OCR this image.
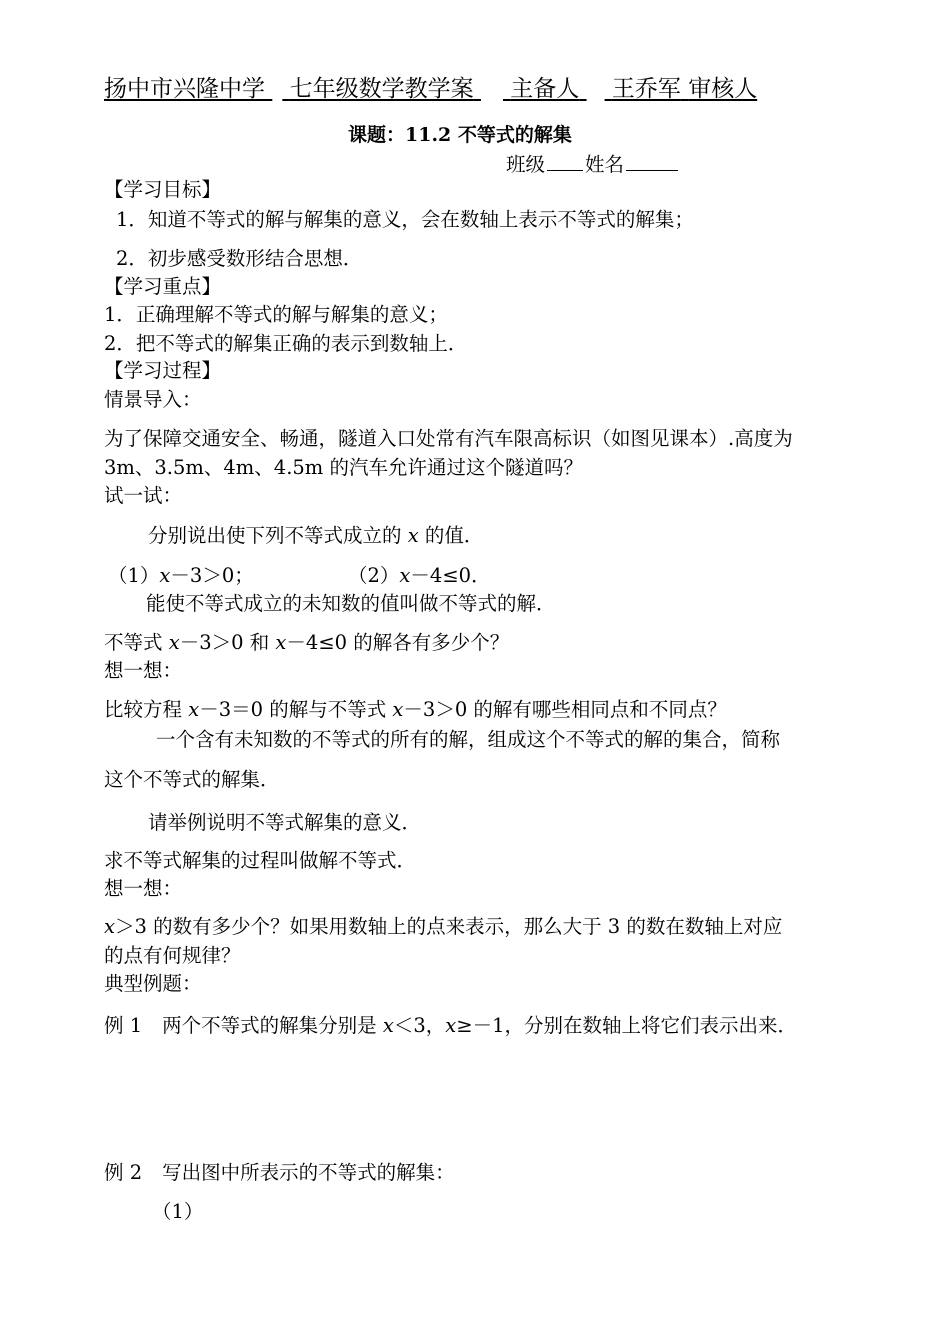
扬中市兴隆中学 七年级数学教学案 主备人 王乔军 审核人
课题：11.2 不等式的解集
班级 姓名
【学习目标】
1．知道不等式的解与解集的意义，会在数轴上表示不等式的解集；
2．初步感受数形结合思想．
【学习重点】
1．正确理解不等式的解与解集的意义；
2．把不等式的解集正确的表示到数轴上．
【学习过程】
情景导入：
为了保障交通安全、畅通，隧道入口处常有汽车限高标识（如图见课本）.高度为
3m、3.5m、4m、4.5m 的汽车允许通过这个隧道吗？
试一试：
分别说出使下列不等式成立的 x 的值．
（1）x－3＞0；	（2）x－4≤0．
能使不等式成立的未知数的值叫做不等式的解．
不等式 x－3＞0 和 x－4≤0 的解各有多少个？
想一想：
比较方程 x－3＝0 的解与不等式 x－3＞0 的解有哪些相同点和不同点？
一个含有未知数的不等式的所有的解，组成这个不等式的解的集合，简称
这个不等式的解集．
请举例说明不等式解集的意义．
求不等式解集的过程叫做解不等式．
想一想：
x＞3 的数有多少个？如果用数轴上的点来表示，那么大于 3 的数在数轴上对应
的点有何规律？
典型例题：
例 1 两个不等式的解集分别是 x＜3，x≥－1，分别在数轴上将它们表示出来．
例 2 写出图中所表示的不等式的解集：
（1）
